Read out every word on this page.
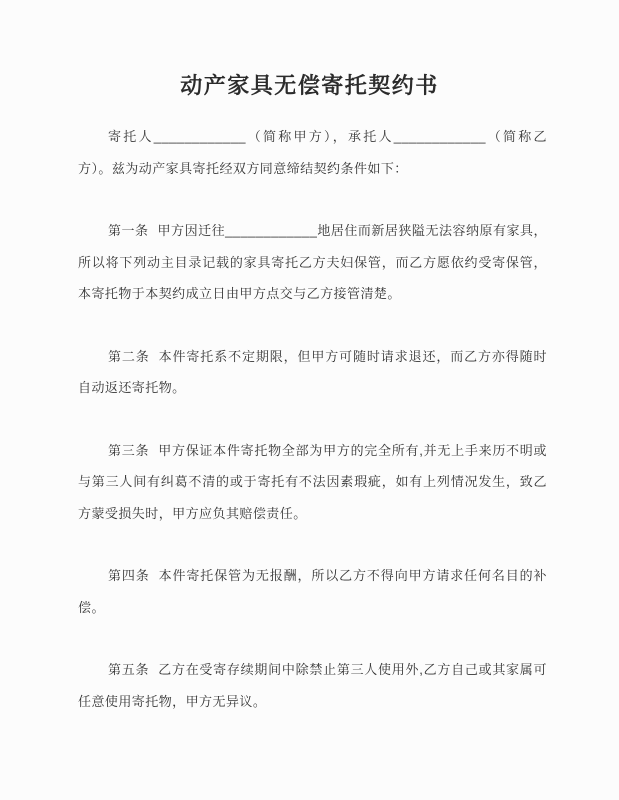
动产家具无偿寄托契约书

寄托人____________（简称甲方），承托人____________（简称乙方）。兹为动产家具寄托经双方同意缔结契约条件如下：

第一条 甲方因迁往____________地居住而新居狭隘无法容纳原有家具，所以将下列动主目录记载的家具寄托乙方夫妇保管，而乙方愿依约受寄保管，本寄托物于本契约成立日由甲方点交与乙方接管清楚。

第二条 本件寄托系不定期限，但甲方可随时请求退还，而乙方亦得随时自动返还寄托物。

第三条 甲方保证本件寄托物全部为甲方的完全所有,并无上手来历不明或与第三人间有纠葛不清的或于寄托有不法因素瑕疵，如有上列情况发生，致乙方蒙受损失时，甲方应负其赔偿责任。

第四条 本件寄托保管为无报酬，所以乙方不得向甲方请求任何名目的补偿。

第五条 乙方在受寄存续期间中除禁止第三人使用外,乙方自己或其家属可任意使用寄托物，甲方无异议。
